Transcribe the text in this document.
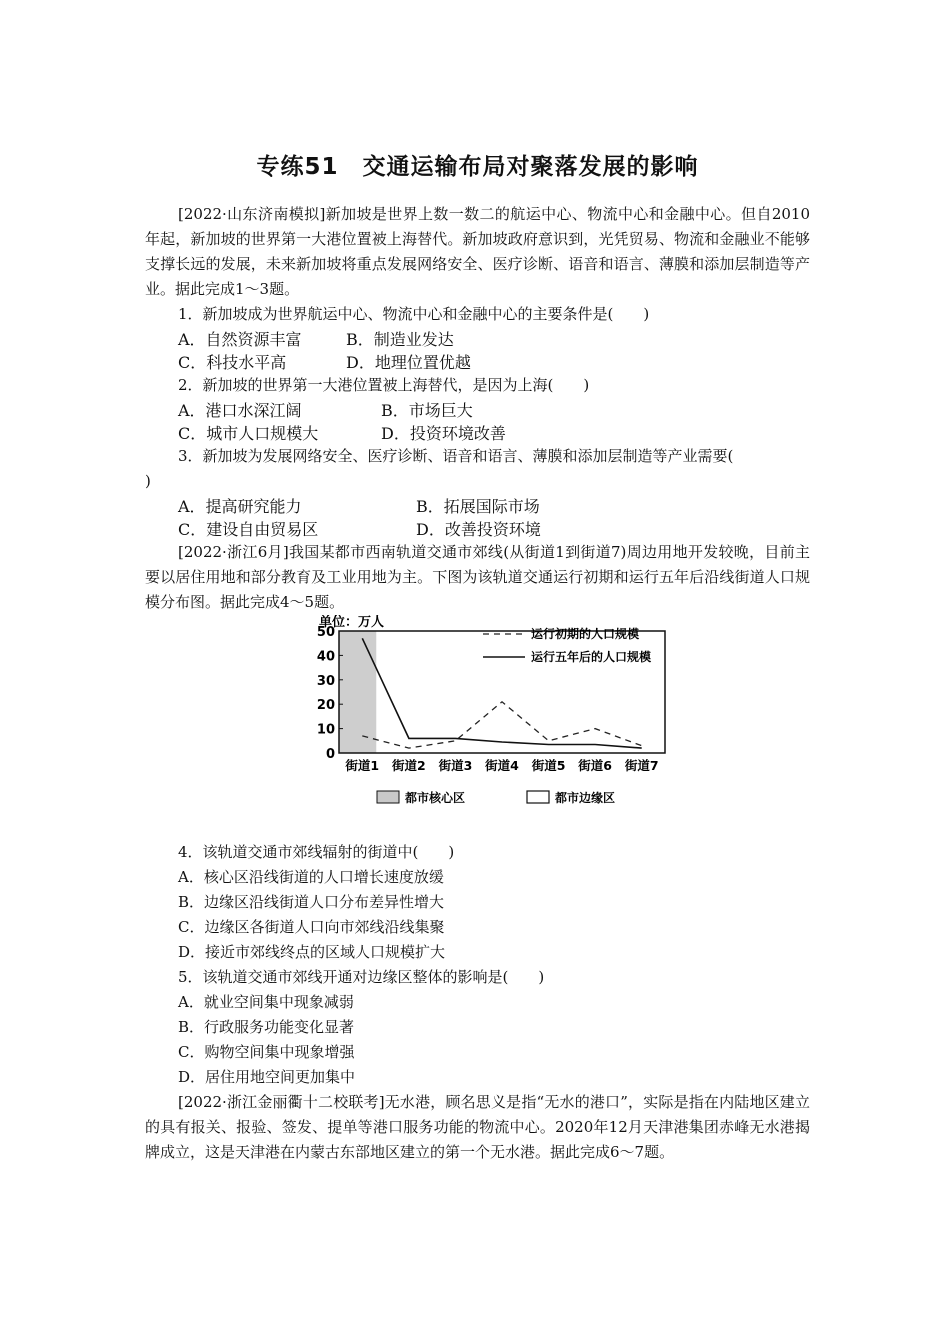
专练51　交通运输布局对聚落发展的影响

[2022·山东济南模拟]新加坡是世界上数一数二的航运中心、物流中心和金融中心。但自2010年起，新加坡的世界第一大港位置被上海替代。新加坡政府意识到，光凭贸易、物流和金融业不能够支撑长远的发展，未来新加坡将重点发展网络安全、医疗诊断、语音和语言、薄膜和添加层制造等产业。据此完成1～3题。

1．新加坡成为世界航运中心、物流中心和金融中心的主要条件是(　　)

A．自然资源丰富	B．制造业发达
C．科技水平高	D．地理位置优越

2．新加坡的世界第一大港位置被上海替代，是因为上海(　　)

A．港口水深江阔	B．市场巨大
C．城市人口规模大	D．投资环境改善

3．新加坡为发展网络安全、医疗诊断、语音和语言、薄膜和添加层制造等产业需要(

)

A．提高研究能力	B．拓展国际市场
C．建设自由贸易区	D．改善投资环境

[2022·浙江6月]我国某都市西南轨道交通市郊线(从街道1到街道7)周边用地开发较晚，目前主要以居住用地和部分教育及工业用地为主。下图为该轨道交通运行初期和运行五年后沿线街道人口规模分布图。据此完成4～5题。

单位：万人
50
40
30
20
10
0
街道1 街道2 街道3 街道4 街道5 街道6 街道7
运行初期的人口规模
运行五年后的人口规模
都市核心区	都市边缘区

4．该轨道交通市郊线辐射的街道中(　　)

A．核心区沿线街道的人口增长速度放缓

B．边缘区沿线街道人口分布差异性增大

C．边缘区各街道人口向市郊线沿线集聚

D．接近市郊线终点的区域人口规模扩大

5．该轨道交通市郊线开通对边缘区整体的影响是(　　)

A．就业空间集中现象减弱

B．行政服务功能变化显著

C．购物空间集中现象增强

D．居住用地空间更加集中

[2022·浙江金丽衢十二校联考]无水港，顾名思义是指“无水的港口”，实际是指在内陆地区建立的具有报关、报验、签发、提单等港口服务功能的物流中心。2020年12月天津港集团赤峰无水港揭牌成立，这是天津港在内蒙古东部地区建立的第一个无水港。据此完成6～7题。
